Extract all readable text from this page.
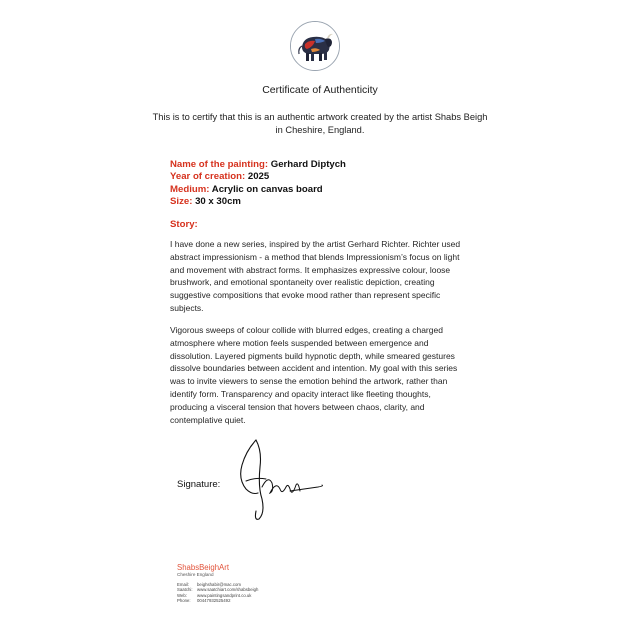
Certificate of Authenticity
This is to certify that this is an authentic artwork created by the artist Shabs Beigh in Cheshire, England.
Name of the painting: Gerhard Diptych
Year of creation: 2025
Medium: Acrylic on canvas board
Size: 30 x 30cm
Story:

I have done a new series, inspired by the artist Gerhard Richter. Richter used abstract impressionism - a method that blends Impressionism’s focus on light and movement with abstract forms. It emphasizes expressive colour, loose brushwork, and emotional spontaneity over realistic depiction, creating suggestive compositions that evoke mood rather than represent specific subjects.

Vigorous sweeps of colour collide with blurred edges, creating a charged atmosphere where motion feels suspended between emergence and dissolution. Layered pigments build hypnotic depth, while smeared gestures dissolve boundaries between accident and intention. My goal with this series was to invite viewers to sense the emotion behind the artwork, rather than identify form. Transparency and opacity interact like fleeting thoughts, producing a visceral tension that hovers between chaos, clarity, and contemplative quiet.

Signature:
ShabsBeighArt
Cheshire England
Email: beighshabir@mac.com
Saatchi: www.saatchiart.com/shabsbeigh
Web: www.paintingsandprint.co.uk
Phone: 00447932525492
